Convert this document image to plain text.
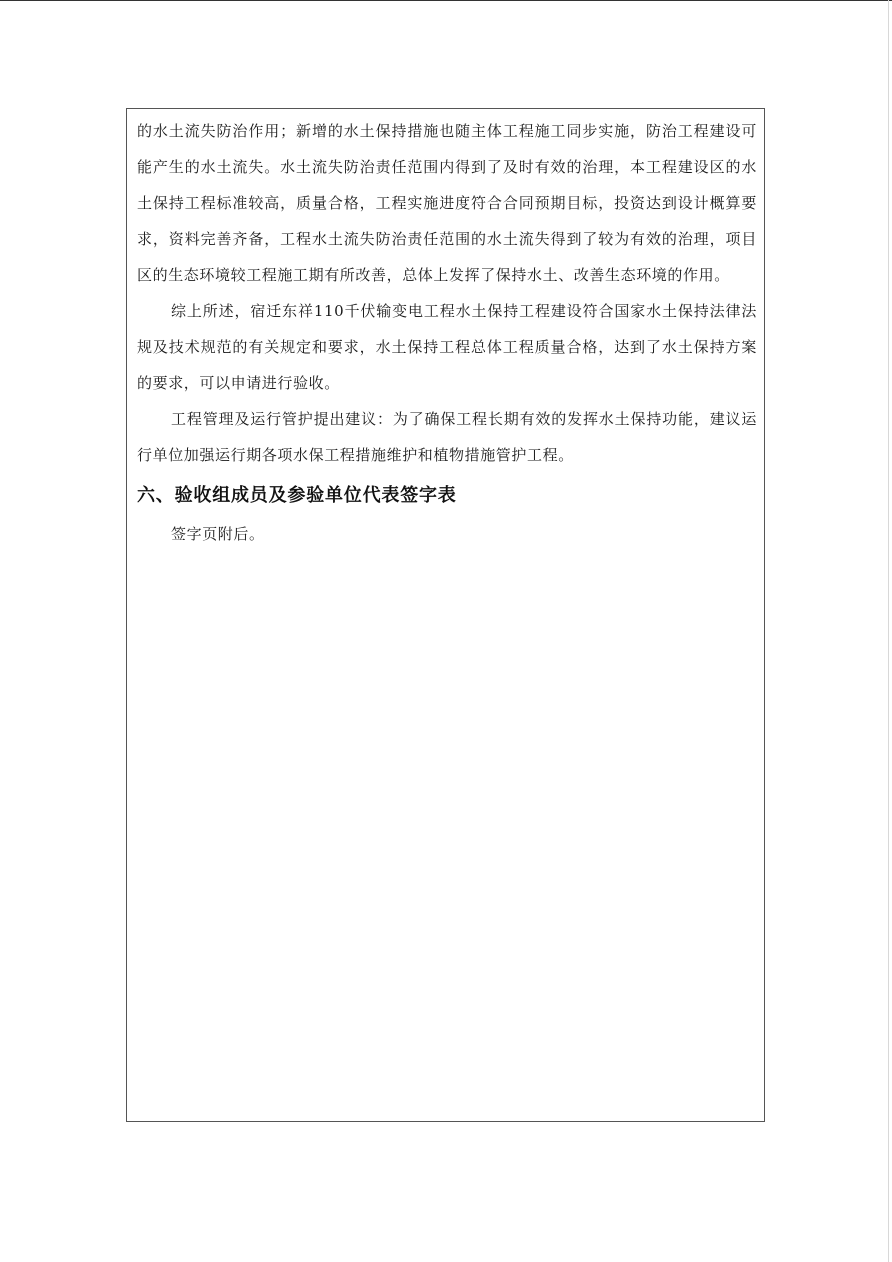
的水土流失防治作用；新增的水土保持措施也随主体工程施工同步实施，防治工程建设可能产生的水土流失。水土流失防治责任范围内得到了及时有效的治理，本工程建设区的水土保持工程标准较高，质量合格，工程实施进度符合合同预期目标，投资达到设计概算要求，资料完善齐备，工程水土流失防治责任范围的水土流失得到了较为有效的治理，项目区的生态环境较工程施工期有所改善，总体上发挥了保持水土、改善生态环境的作用。

综上所述，宿迁东祥110千伏输变电工程水土保持工程建设符合国家水土保持法律法规及技术规范的有关规定和要求，水土保持工程总体工程质量合格，达到了水土保持方案的要求，可以申请进行验收。

工程管理及运行管护提出建议：为了确保工程长期有效的发挥水土保持功能，建议运行单位加强运行期各项水保工程措施维护和植物措施管护工程。

六、验收组成员及参验单位代表签字表

签字页附后。
